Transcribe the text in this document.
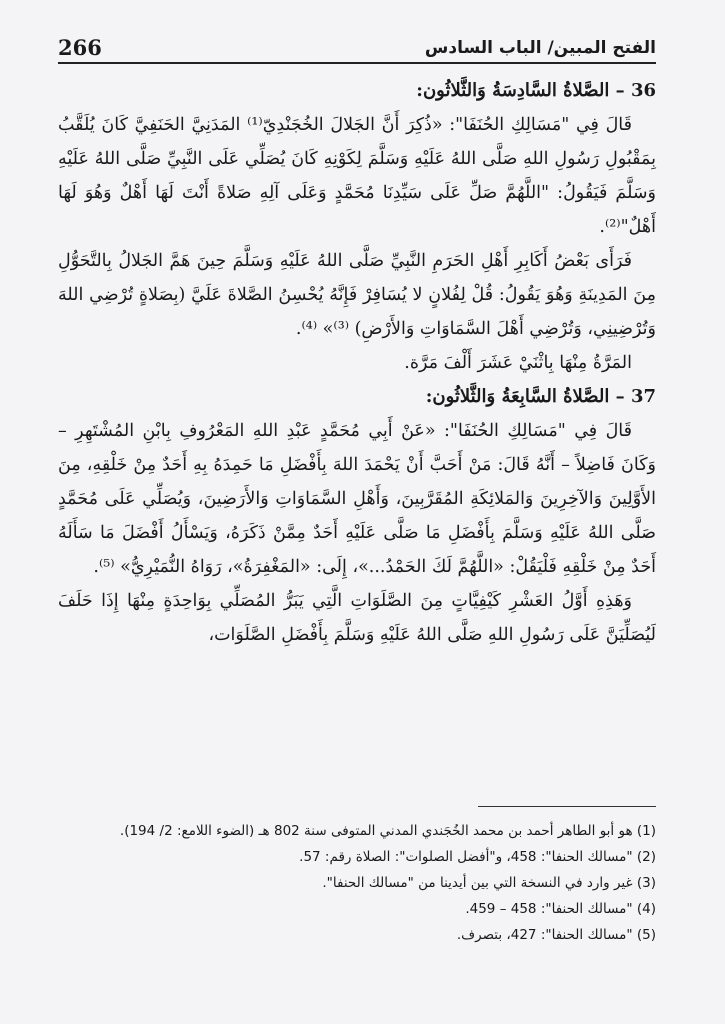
266	الفتح المبين/ الباب السادس

36 – الصَّلاةُ السَّادِسَةُ وَالثَّلاثُون:

قَالَ فِي "مَسَالِكِ الحُنَفَا": «ذُكِرَ أَنَّ الجَلالَ الخُجَنْدِيّ⁽¹⁾ المَدَنِيَّ الحَنَفِيَّ كَانَ يُلَقَّبُ بِمَقْبُولِ رَسُولِ اللهِ صَلَّى اللهُ عَلَيْهِ وَسَلَّمَ لِكَوْنِهِ كَانَ يُصَلِّي عَلَى النَّبِيِّ صَلَّى اللهُ عَلَيْهِ وَسَلَّمَ فَيَقُولُ: "اللَّهُمَّ صَلِّ عَلَى سَيِّدِنَا مُحَمَّدٍ وَعَلَى آلِهِ صَلاةً أَنْتَ لَهَا أَهْلٌ وَهُوَ لَهَا أَهْلٌ"⁽²⁾.

فَرَأَى بَعْضُ أَكَابِرِ أَهْلِ الحَرَمِ النَّبِيِّ صَلَّى اللهُ عَلَيْهِ وَسَلَّمَ حِينَ هَمَّ الجَلالُ بِالتَّحَوُّلِ مِنَ المَدِينَةِ وَهُوَ يَقُولُ: قُلْ لِفُلانٍ لا يُسَافِرْ فَإِنَّهُ يُحْسِنُ الصَّلاةَ عَلَيَّ (بِصَلاةٍ تُرْضِي اللهَ وَتُرْضِينِي، وَتُرْضِي أَهْلَ السَّمَاوَاتِ وَالأَرْضِ) ⁽³⁾» ⁽⁴⁾.

المَرَّةُ مِنْهَا بِاثْنَيْ عَشَرَ أَلْفَ مَرَّة.

37 – الصَّلاةُ السَّابِعَةُ وَالثَّلاثُون:

قَالَ فِي "مَسَالِكِ الحُنَفَا": «عَنْ أَبِي مُحَمَّدٍ عَبْدِ اللهِ المَعْرُوفِ بِابْنِ المُشْتَهِرِ – وَكَانَ فَاضِلاً – أَنَّهُ قَالَ: مَنْ أَحَبَّ أَنْ يَحْمَدَ اللهَ بِأَفْضَلِ مَا حَمِدَهُ بِهِ أَحَدٌ مِنْ خَلْقِهِ، مِنَ الأَوَّلِينَ وَالآخِرِينَ وَالمَلائِكَةِ المُقَرَّبِينَ، وَأَهْلِ السَّمَاوَاتِ وَالأَرَضِينَ، وَيُصَلِّي عَلَى مُحَمَّدٍ صَلَّى اللهُ عَلَيْهِ وَسَلَّمَ بِأَفْضَلِ مَا صَلَّى عَلَيْهِ أَحَدٌ مِمَّنْ ذَكَرَهُ، وَيَسْأَلُ أَفْضَلَ مَا سَأَلَهُ أَحَدٌ مِنْ خَلْقِهِ فَلْيَقُلْ: «اللَّهُمَّ لَكَ الحَمْدُ...»، إِلَى: «المَغْفِرَةُ»، رَوَاهُ النُّمَيْرِيُّ» ⁽⁵⁾.

وَهَذِهِ أَوَّلُ العَشْرِ كَيْفِيَّاتٍ مِنَ الصَّلَوَاتِ الَّتِي يَبَرُّ المُصَلِّي بِوَاحِدَةٍ مِنْهَا إِذَا حَلَفَ لَيُصَلِّيَنَّ عَلَى رَسُولِ اللهِ صَلَّى اللهُ عَلَيْهِ وَسَلَّمَ بِأَفْضَلِ الصَّلَوَات،

(1) هو أبو الطاهر أحمد بن محمد الخُجَندي المدني المتوفى سنة 802 هـ (الضوء اللامع: 2/ 194).
(2) "مسالك الحنفا": 458، و"أفضل الصلوات": الصلاة رقم: 57.
(3) غير وارد في النسخة التي بين أيدينا من "مسالك الحنفا".
(4) "مسالك الحنفا": 458 – 459.
(5) "مسالك الحنفا": 427، بتصرف.
